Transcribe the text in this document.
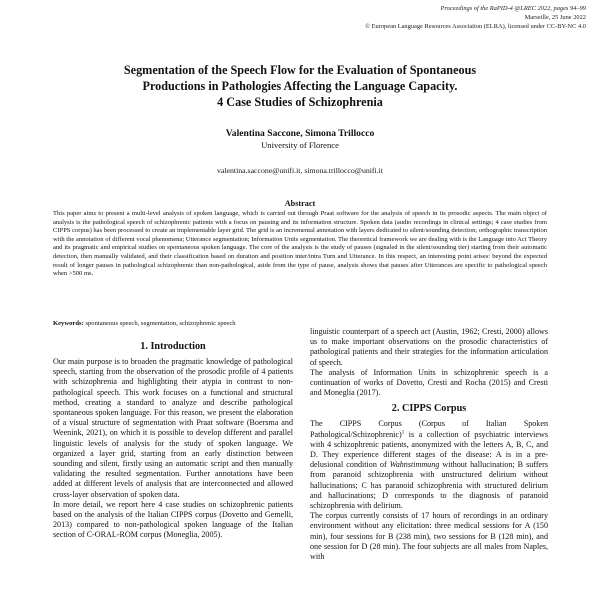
Proceedings of the RaPID-4 @LREC 2022, pages 94–99
Marseille, 25 June 2022
© European Language Resources Association (ELRA), licensed under CC-BY-NC 4.0
Segmentation of the Speech Flow for the Evaluation of Spontaneous
Productions in Pathologies Affecting the Language Capacity.
4 Case Studies of Schizophrenia
Valentina Saccone, Simona Trillocco
University of Florence
valentina.saccone@unifi.it, simona.trillocco@unifi.it
Abstract
This paper aims to present a multi-level analysis of spoken language, which is carried out through Praat software for the analysis of speech in its prosodic aspects. The main object of analysis is the pathological speech of schizophrenic patients with a focus on pausing and its information structure. Spoken data (audio recordings in clinical settings; 4 case studies from CIPPS corpus) has been processed to create an implementable layer grid. The grid is an incremental annotation with layers dedicated to silent/sounding detection; orthographic transcription with the annotation of different vocal phenomena; Utterance segmentation; Information Units segmentation. The theoretical framework we are dealing with is the Language into Act Theory and its pragmatic and empirical studies on spontaneous spoken language. The core of the analysis is the study of pauses (signaled in the silent/sounding tier) starting from their automatic detection, then manually validated, and their classification based on duration and position inter/intra Turn and Utterance. In this respect, an interesting point arises: beyond the expected result of longer pauses in pathological schizophrenic than non-pathological, aside from the type of pause, analysis shows that pauses after Utterances are specific to pathological speech when >500 ms.
Keywords: spontaneous speech, segmentation, schizophrenic speech
1. Introduction

Our main purpose is to broaden the pragmatic knowledge of pathological speech, starting from the observation of the prosodic profile of 4 patients with schizophrenia and highlighting their atypia in contrast to non-pathological speech. This work focuses on a functional and structural method, creating a standard to analyze and describe pathological spontaneous spoken language. For this reason, we present the elaboration of a visual structure of segmentation with Praat software (Boersma and Weenink, 2021), on which it is possible to develop different and parallel linguistic levels of analysis for the study of spoken language. We organized a layer grid, starting from an early distinction between sounding and silent, firstly using an automatic script and then manually validating the resulted segmentation. Further annotations have been added at different levels of analysis that are interconnected and allowed cross-layer observation of spoken data.

In more detail, we report here 4 case studies on schizophrenic patients based on the analysis of the Italian CIPPS corpus (Dovetto and Gemelli, 2013) compared to non-pathological spoken language of the Italian section of C-ORAL-ROM corpus (Moneglia, 2005).

linguistic counterpart of a speech act (Austin, 1962; Cresti, 2000) allows us to make important observations on the prosodic characteristics of pathological patients and their strategies for the information articulation of speech.

The analysis of Information Units in schizophrenic speech is a continuation of works of Dovetto, Cresti and Rocha (2015) and Cresti and Moneglia (2017).

2. CIPPS Corpus

The CIPPS Corpus (Corpus of Italian Spoken Pathological/Schizophrenic)$^1$ is a collection of psychiatric interviews with 4 schizophrenic patients, anonymized with the letters A, B, C, and D. They experience different stages of the disease: A is in a pre-delusional condition of Wahnstimmung without hallucination; B suffers from paranoid schizophrenia with unstructured delirium without hallucinations; C has paranoid schizophrenia with structured delirium and hallucinations; D corresponds to the diagnosis of paranoid schizophrenia with delirium.

The corpus currently consists of 17 hours of recordings in an ordinary environment without any elicitation: three medical sessions for A (150 min), four sessions for B (238 min), two sessions for B (128 min), and one session for D (28 min). The four subjects are all males from Naples, with
